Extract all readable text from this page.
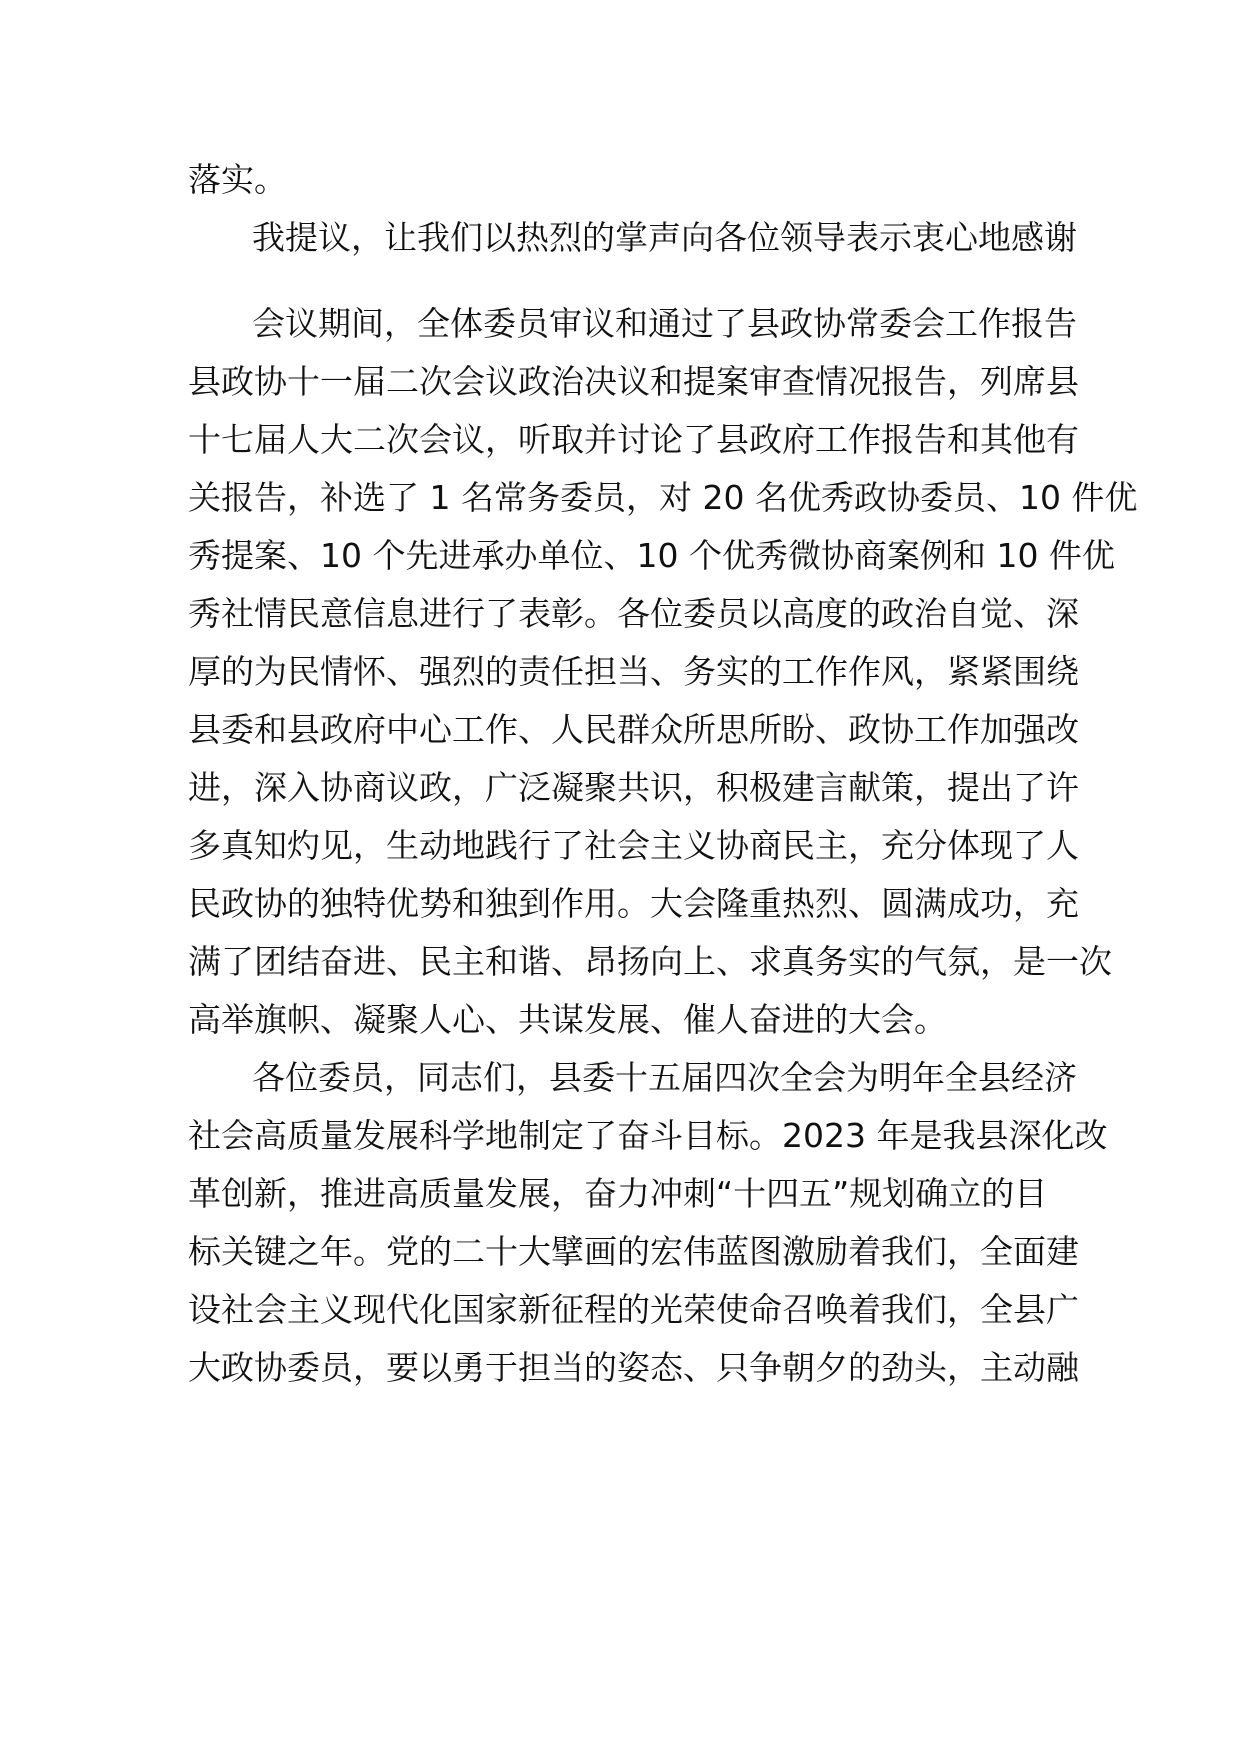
落实。
我提议，让我们以热烈的掌声向各位领导表示衷心地感谢
会议期间，全体委员审议和通过了县政协常委会工作报告
县政协十一届二次会议政治决议和提案审查情况报告，列席县
十七届人大二次会议，听取并讨论了县政府工作报告和其他有
关报告，补选了 1 名常务委员，对 20 名优秀政协委员、10 件优
秀提案、10 个先进承办单位、10 个优秀微协商案例和 10 件优
秀社情民意信息进行了表彰。各位委员以高度的政治自觉、深
厚的为民情怀、强烈的责任担当、务实的工作作风，紧紧围绕
县委和县政府中心工作、人民群众所思所盼、政协工作加强改
进，深入协商议政，广泛凝聚共识，积极建言献策，提出了许
多真知灼见，生动地践行了社会主义协商民主，充分体现了人
民政协的独特优势和独到作用。大会隆重热烈、圆满成功，充
满了团结奋进、民主和谐、昂扬向上、求真务实的气氛，是一次
高举旗帜、凝聚人心、共谋发展、催人奋进的大会。
各位委员，同志们，县委十五届四次全会为明年全县经济
社会高质量发展科学地制定了奋斗目标。2023 年是我县深化改
革创新，推进高质量发展，奋力冲刺“十四五”规划确立的目
标关键之年。党的二十大擘画的宏伟蓝图激励着我们，全面建
设社会主义现代化国家新征程的光荣使命召唤着我们，全县广
大政协委员，要以勇于担当的姿态、只争朝夕的劲头，主动融
